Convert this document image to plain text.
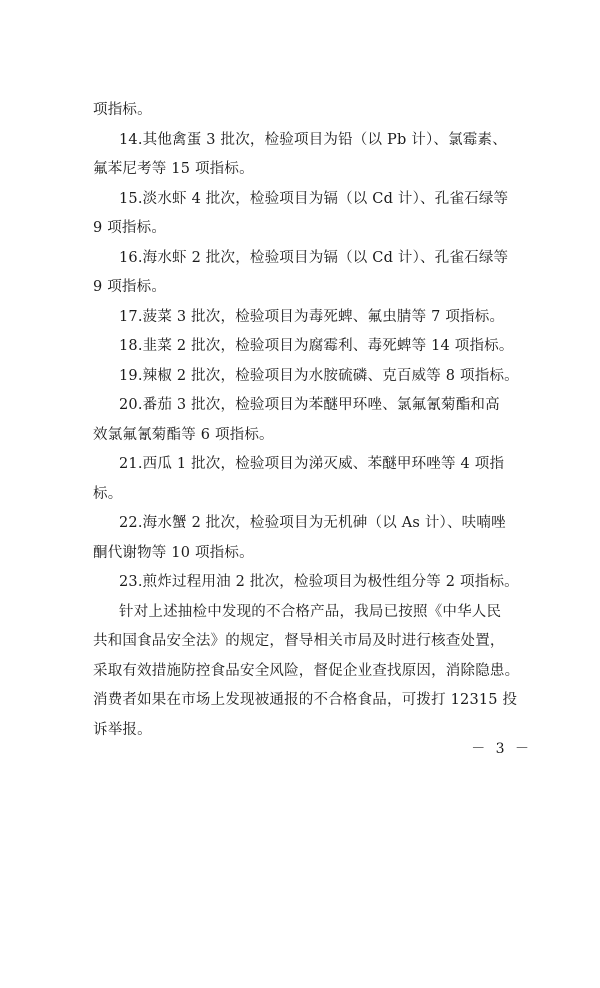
项指标。

14.其他禽蛋 3 批次，检验项目为铅（以 Pb 计）、氯霉素、

氟苯尼考等 15 项指标。

15.淡水虾 4 批次，检验项目为镉（以 Cd 计）、孔雀石绿等

9 项指标。

16.海水虾 2 批次，检验项目为镉（以 Cd 计）、孔雀石绿等

9 项指标。

17.菠菜 3 批次，检验项目为毒死蜱、氟虫腈等 7 项指标。

18.韭菜 2 批次，检验项目为腐霉利、毒死蜱等 14 项指标。

19.辣椒 2 批次，检验项目为水胺硫磷、克百威等 8 项指标。

20.番茄 3 批次，检验项目为苯醚甲环唑、氯氟氰菊酯和高

效氯氟氰菊酯等 6 项指标。

21.西瓜 1 批次，检验项目为涕灭威、苯醚甲环唑等 4 项指

标。

22.海水蟹 2 批次，检验项目为无机砷（以 As 计）、呋喃唑

酮代谢物等 10 项指标。

23.煎炸过程用油 2 批次，检验项目为极性组分等 2 项指标。

针对上述抽检中发现的不合格产品，我局已按照《中华人民

共和国食品安全法》的规定，督导相关市局及时进行核查处置，

采取有效措施防控食品安全风险，督促企业查找原因，消除隐患。

消费者如果在市场上发现被通报的不合格食品，可拨打 12315 投

诉举报。

－ 3 －
